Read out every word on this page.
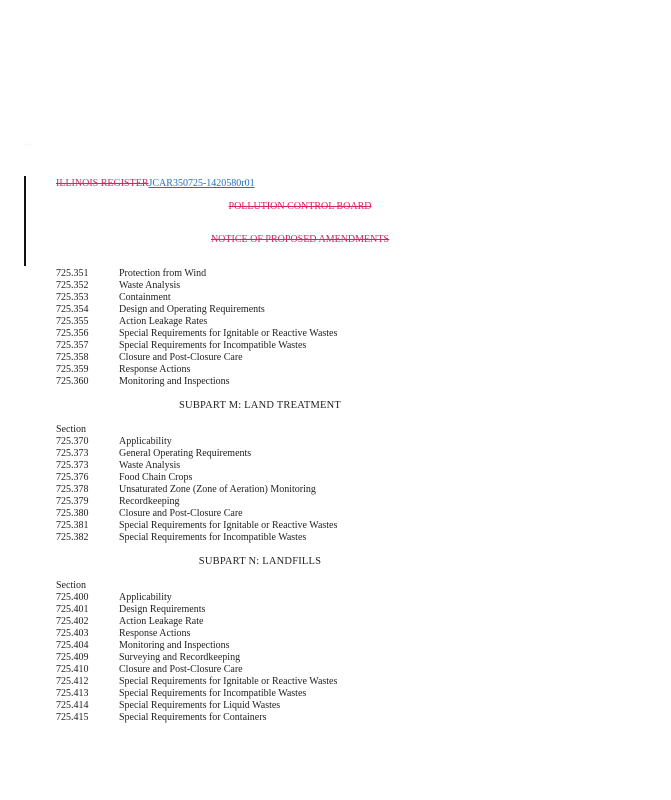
· · ·
ILLINOIS REGISTERJCAR350725-1420580r01
POLLUTION CONTROL BOARD
NOTICE OF PROPOSED AMENDMENTS
725.351	Protection from Wind
725.352	Waste Analysis
725.353	Containment
725.354	Design and Operating Requirements
725.355	Action Leakage Rates
725.356	Special Requirements for Ignitable or Reactive Wastes
725.357	Special Requirements for Incompatible Wastes
725.358	Closure and Post-Closure Care
725.359	Response Actions
725.360	Monitoring and Inspections
SUBPART M: LAND TREATMENT
Section
725.370	Applicability
725.373	General Operating Requirements
725.373	Waste Analysis
725.376	Food Chain Crops
725.378	Unsaturated Zone (Zone of Aeration) Monitoring
725.379	Recordkeeping
725.380	Closure and Post-Closure Care
725.381	Special Requirements for Ignitable or Reactive Wastes
725.382	Special Requirements for Incompatible Wastes
SUBPART N: LANDFILLS
Section
725.400	Applicability
725.401	Design Requirements
725.402	Action Leakage Rate
725.403	Response Actions
725.404	Monitoring and Inspections
725.409	Surveying and Recordkeeping
725.410	Closure and Post-Closure Care
725.412	Special Requirements for Ignitable or Reactive Wastes
725.413	Special Requirements for Incompatible Wastes
725.414	Special Requirements for Liquid Wastes
725.415	Special Requirements for Containers
